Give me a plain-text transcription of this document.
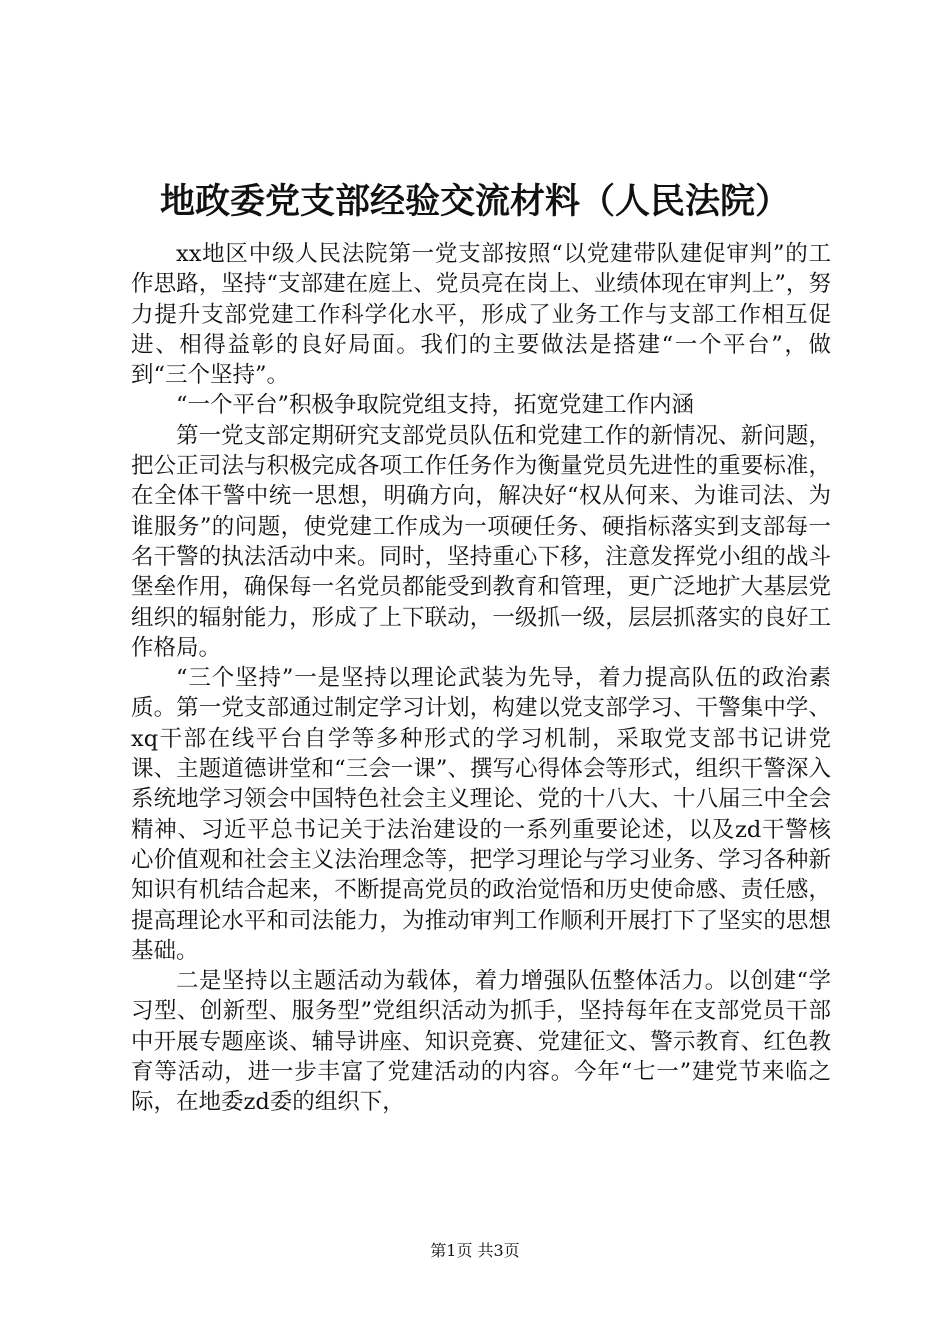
地政委党支部经验交流材料（人民法院）

xx地区中级人民法院第一党支部按照“以党建带队建促审判”的工作思路，坚持“支部建在庭上、党员亮在岗上、业绩体现在审判上”，努力提升支部党建工作科学化水平，形成了业务工作与支部工作相互促进、相得益彰的良好局面。我们的主要做法是搭建“一个平台”，做到“三个坚持”。

“一个平台”积极争取院党组支持，拓宽党建工作内涵

第一党支部定期研究支部党员队伍和党建工作的新情况、新问题，把公正司法与积极完成各项工作任务作为衡量党员先进性的重要标准，在全体干警中统一思想，明确方向，解决好“权从何来、为谁司法、为谁服务”的问题，使党建工作成为一项硬任务、硬指标落实到支部每一名干警的执法活动中来。同时，坚持重心下移，注意发挥党小组的战斗堡垒作用，确保每一名党员都能受到教育和管理，更广泛地扩大基层党组织的辐射能力，形成了上下联动，一级抓一级，层层抓落实的良好工作格局。

“三个坚持”一是坚持以理论武装为先导，着力提高队伍的政治素质。第一党支部通过制定学习计划，构建以党支部学习、干警集中学、xq干部在线平台自学等多种形式的学习机制，采取党支部书记讲党课、主题道德讲堂和“三会一课”、撰写心得体会等形式，组织干警深入系统地学习领会中国特色社会主义理论、党的十八大、十八届三中全会精神、习近平总书记关于法治建设的一系列重要论述，以及zd干警核心价值观和社会主义法治理念等，把学习理论与学习业务、学习各种新知识有机结合起来，不断提高党员的政治觉悟和历史使命感、责任感，提高理论水平和司法能力，为推动审判工作顺利开展打下了坚实的思想基础。

二是坚持以主题活动为载体，着力增强队伍整体活力。以创建“学习型、创新型、服务型”党组织活动为抓手，坚持每年在支部党员干部中开展专题座谈、辅导讲座、知识竞赛、党建征文、警示教育、红色教育等活动，进一步丰富了党建活动的内容。今年“七一”建党节来临之际，在地委zd委的组织下，

第1页 共3页
